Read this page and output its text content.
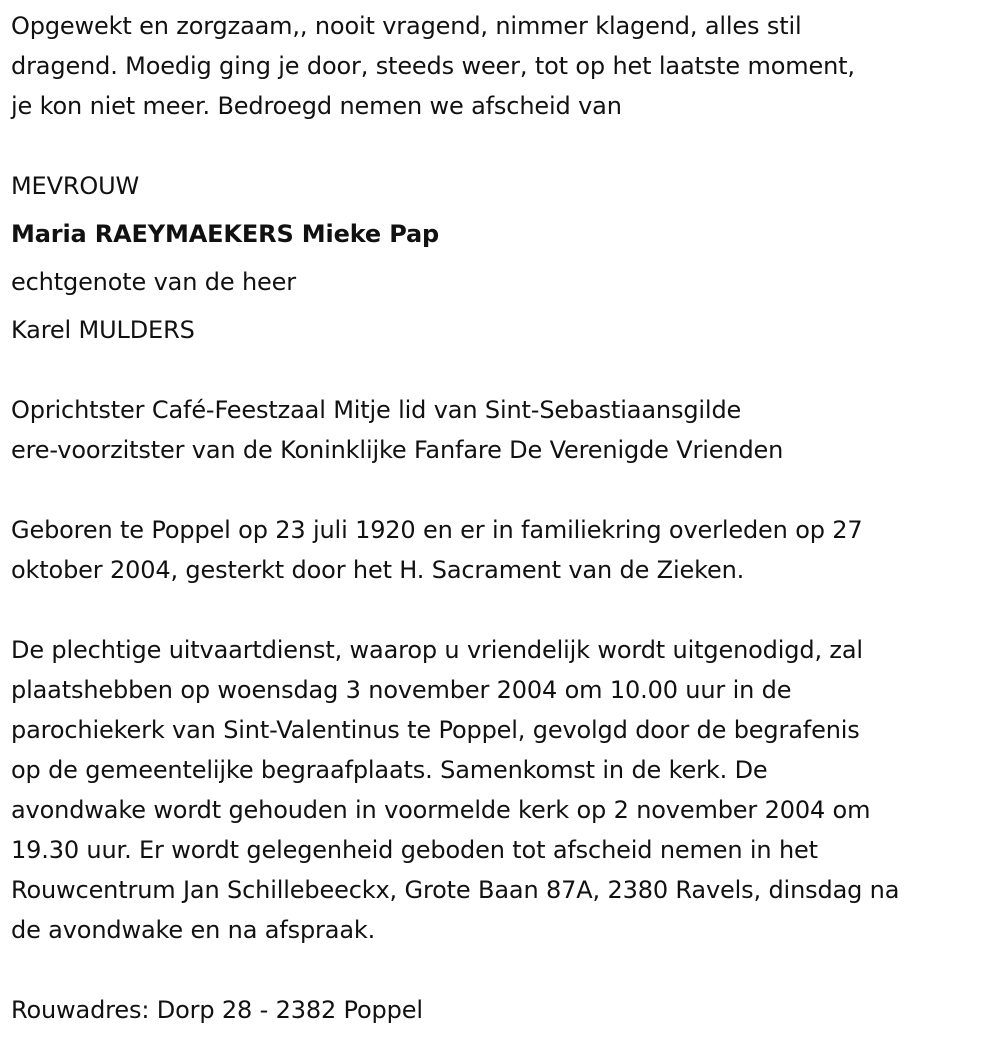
Opgewekt en zorgzaam,, nooit vragend, nimmer klagend, alles stil
dragend. Moedig ging je door, steeds weer, tot op het laatste moment,
je kon niet meer. Bedroegd nemen we afscheid van
MEVROUW
Maria RAEYMAEKERS Mieke Pap
echtgenote van de heer
Karel MULDERS
Oprichtster Café-Feestzaal Mitje lid van Sint-Sebastiaansgilde
ere-voorzitster van de Koninklijke Fanfare De Verenigde Vrienden
Geboren te Poppel op 23 juli 1920 en er in familiekring overleden op 27
oktober 2004, gesterkt door het H. Sacrament van de Zieken.
De plechtige uitvaartdienst, waarop u vriendelijk wordt uitgenodigd, zal
plaatshebben op woensdag 3 november 2004 om 10.00 uur in de
parochiekerk van Sint-Valentinus te Poppel, gevolgd door de begrafenis
op de gemeentelijke begraafplaats. Samenkomst in de kerk. De
avondwake wordt gehouden in voormelde kerk op 2 november 2004 om
19.30 uur. Er wordt gelegenheid geboden tot afscheid nemen in het
Rouwcentrum Jan Schillebeeckx, Grote Baan 87A, 2380 Ravels, dinsdag na
de avondwake en na afspraak.
Rouwadres: Dorp 28 - 2382 Poppel
